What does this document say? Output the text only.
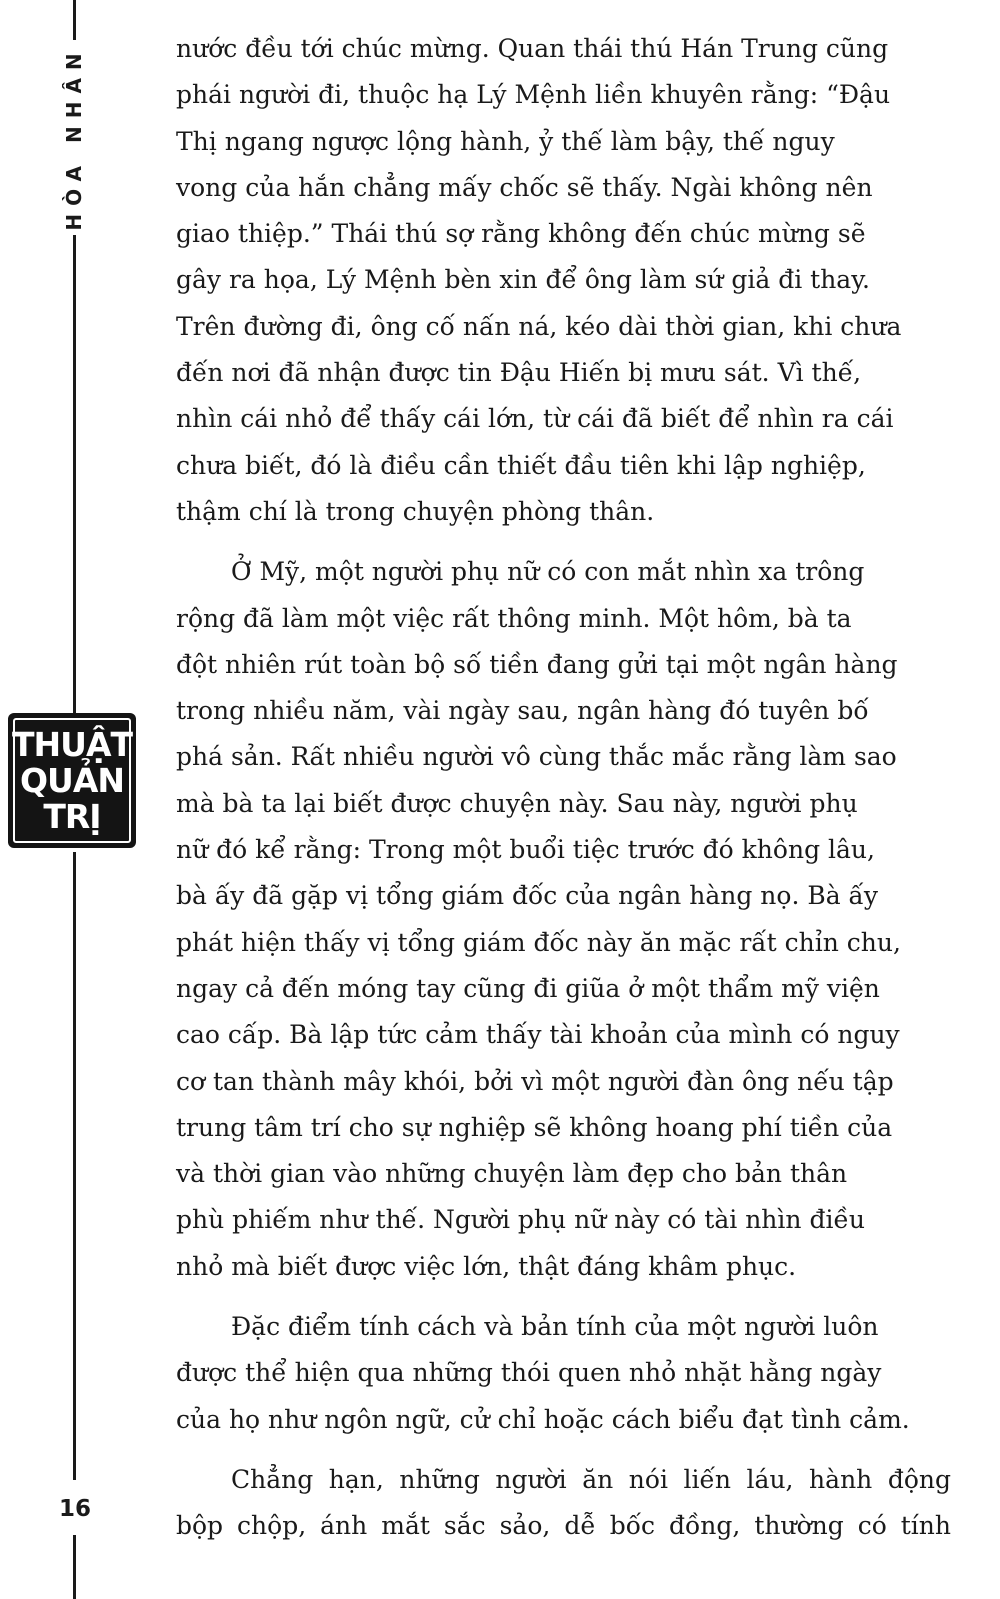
HÒA NHÂN
THUẬT
QUẢN
TRỊ
16

nước đều tới chúc mừng. Quan thái thú Hán Trung cũng
phái người đi, thuộc hạ Lý Mệnh liền khuyên rằng: “Đậu
Thị ngang ngược lộng hành, ỷ thế làm bậy, thế nguy
vong của hắn chẳng mấy chốc sẽ thấy. Ngài không nên
giao thiệp.” Thái thú sợ rằng không đến chúc mừng sẽ
gây ra họa, Lý Mệnh bèn xin để ông làm sứ giả đi thay.
Trên đường đi, ông cố nấn ná, kéo dài thời gian, khi chưa
đến nơi đã nhận được tin Đậu Hiến bị mưu sát. Vì thế,
nhìn cái nhỏ để thấy cái lớn, từ cái đã biết để nhìn ra cái
chưa biết, đó là điều cần thiết đầu tiên khi lập nghiệp,
thậm chí là trong chuyện phòng thân.

Ở Mỹ, một người phụ nữ có con mắt nhìn xa trông
rộng đã làm một việc rất thông minh. Một hôm, bà ta
đột nhiên rút toàn bộ số tiền đang gửi tại một ngân hàng
trong nhiều năm, vài ngày sau, ngân hàng đó tuyên bố
phá sản. Rất nhiều người vô cùng thắc mắc rằng làm sao
mà bà ta lại biết được chuyện này. Sau này, người phụ
nữ đó kể rằng: Trong một buổi tiệc trước đó không lâu,
bà ấy đã gặp vị tổng giám đốc của ngân hàng nọ. Bà ấy
phát hiện thấy vị tổng giám đốc này ăn mặc rất chỉn chu,
ngay cả đến móng tay cũng đi giũa ở một thẩm mỹ viện
cao cấp. Bà lập tức cảm thấy tài khoản của mình có nguy
cơ tan thành mây khói, bởi vì một người đàn ông nếu tập
trung tâm trí cho sự nghiệp sẽ không hoang phí tiền của
và thời gian vào những chuyện làm đẹp cho bản thân
phù phiếm như thế. Người phụ nữ này có tài nhìn điều
nhỏ mà biết được việc lớn, thật đáng khâm phục.

Đặc điểm tính cách và bản tính của một người luôn
được thể hiện qua những thói quen nhỏ nhặt hằng ngày
của họ như ngôn ngữ, cử chỉ hoặc cách biểu đạt tình cảm.

Chẳng hạn, những người ăn nói liến láu, hành động
bộp chộp, ánh mắt sắc sảo, dễ bốc đồng, thường có tính
